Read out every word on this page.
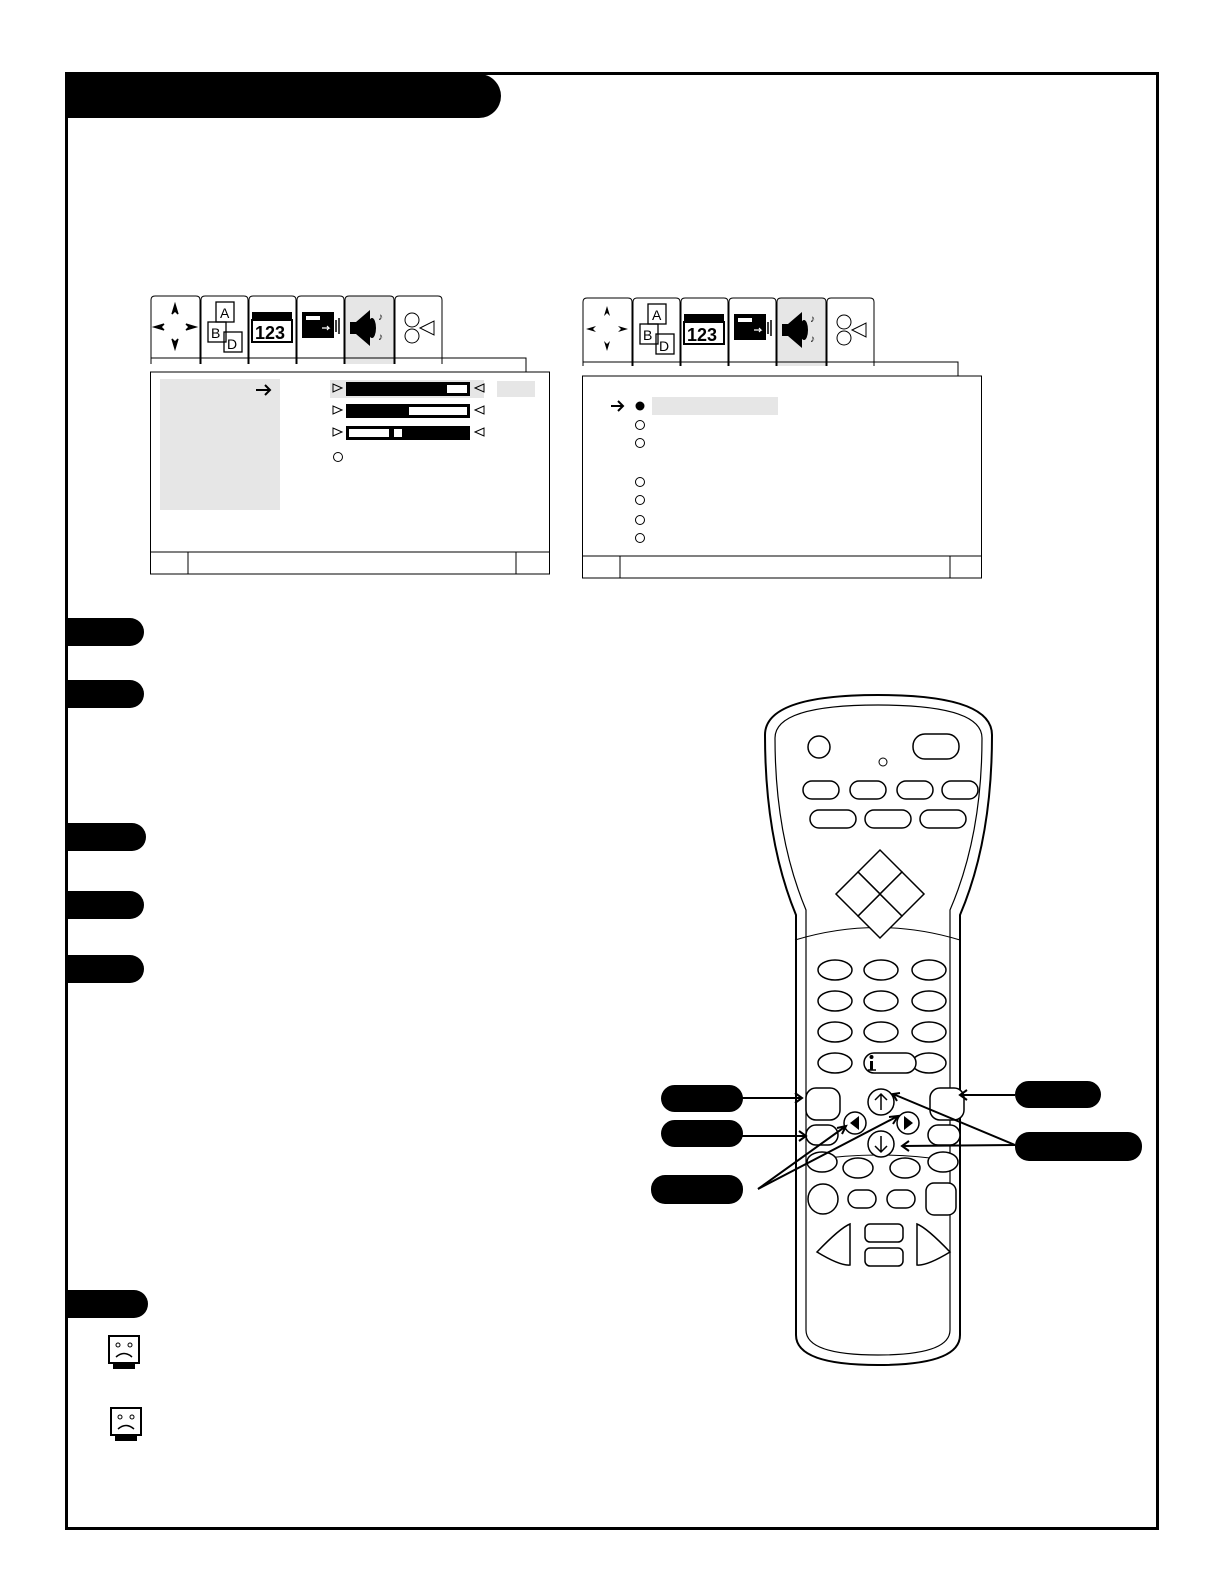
A
B
D
123
♪
♪
A
B
D
123
♪
♪
